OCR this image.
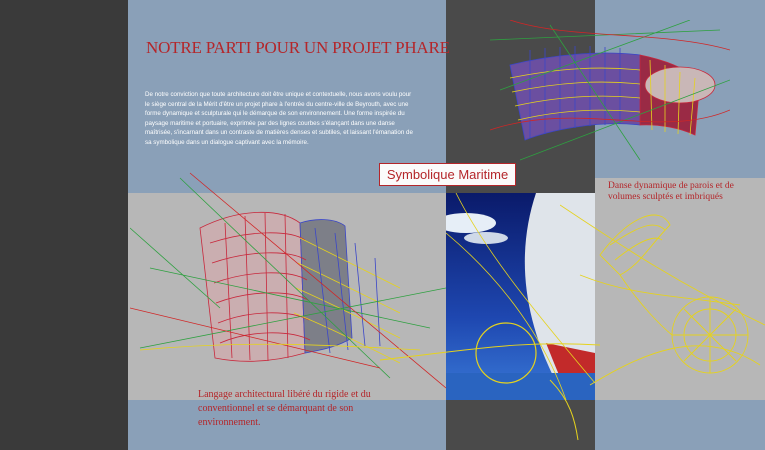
NOTRE PARTI POUR UN PROJET PHARE
De notre conviction que toute architecture doit être unique et contextuelle, nous avons voulu pour le siège central de la Mérit d'être un projet phare à l'entrée du centre-ville de Beyrouth, avec une forme dynamique et sculpturale qui le démarque de son environnement. Une forme inspirée du paysage maritime et portuaire, exprimée par des lignes courbes s'élançant dans une danse maîtrisée, s'incarnant dans un contraste de matières denses et subtiles, et laissant l'émanation de sa symbolique dans un dialogue captivant avec la mémoire.
Symbolique Maritime
Danse dynamique de parois et de volumes sculptés et imbriqués
Langage architectural libéré du rigide et du conventionnel et se démarquant de son environnement.
